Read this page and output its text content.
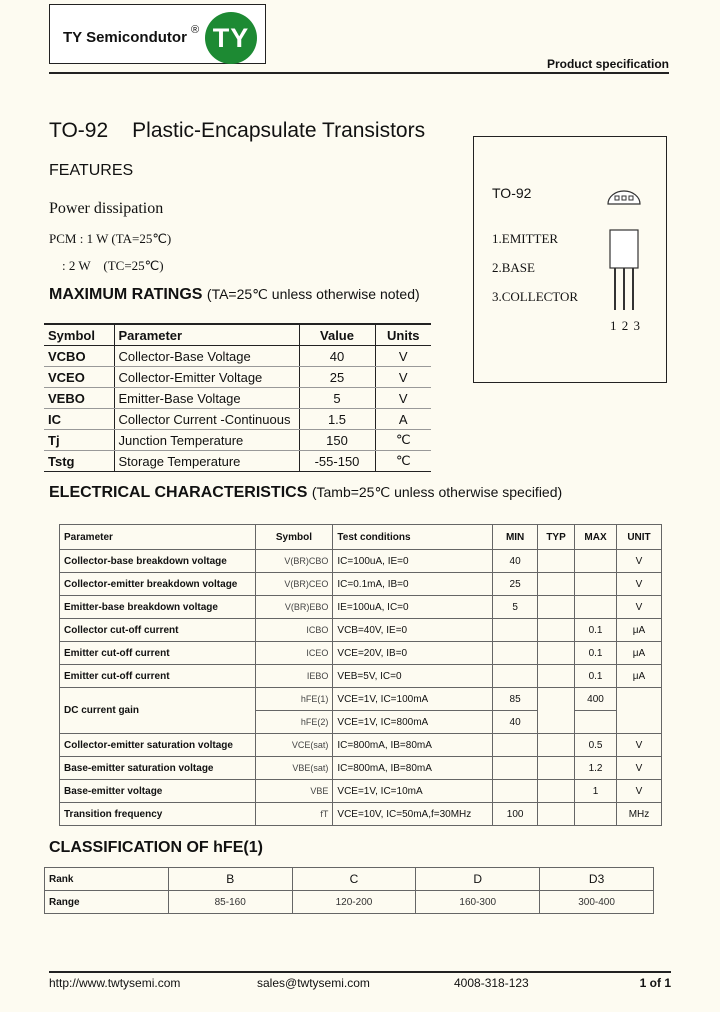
TY Semicondutor ® TY
Product specification
TO-92 Plastic-Encapsulate Transistors
FEATURES
Power dissipation
PCM : 1 W (TA=25℃)
: 2 W    (TC=25℃)
TO-92
1.EMITTER
2.BASE
3.COLLECTOR
1 2 3
MAXIMUM RATINGS (TA=25℃ unless otherwise noted)
Symbol	Parameter	Value	Units
VCBO	Collector-Base Voltage	40	V
VCEO	Collector-Emitter Voltage	25	V
VEBO	Emitter-Base Voltage	5	V
IC	Collector Current -Continuous	1.5	A
Tj	Junction Temperature	150	℃
Tstg	Storage Temperature	-55-150	℃
ELECTRICAL CHARACTERISTICS (Tamb=25℃ unless otherwise specified)
Parameter	Symbol	Test conditions	MIN	TYP	MAX	UNIT
Collector-base breakdown voltage	V(BR)CBO	IC=100uA, IE=0	40			V
Collector-emitter breakdown voltage	V(BR)CEO	IC=0.1mA, IB=0	25			V
Emitter-base breakdown voltage	V(BR)EBO	IE=100uA, IC=0	5			V
Collector cut-off current	ICBO	VCB=40V, IE=0			0.1	μA
Emitter cut-off current	ICEO	VCE=20V, IB=0			0.1	μA
Emitter cut-off current	IEBO	VEB=5V, IC=0			0.1	μA
DC current gain	hFE(1)	VCE=1V, IC=100mA	85		400	
	hFE(2)	VCE=1V, IC=800mA	40			
Collector-emitter saturation voltage	VCE(sat)	IC=800mA, IB=80mA			0.5	V
Base-emitter saturation voltage	VBE(sat)	IC=800mA, IB=80mA			1.2	V
Base-emitter voltage	VBE	VCE=1V, IC=10mA			1	V
Transition frequency	fT	VCE=10V, IC=50mA,f=30MHz	100			MHz
CLASSIFICATION OF hFE(1)
Rank	B	C	D	D3
Range	85-160	120-200	160-300	300-400
http://www.twtysemi.com	sales@twtysemi.com	4008-318-123	1 of 1
